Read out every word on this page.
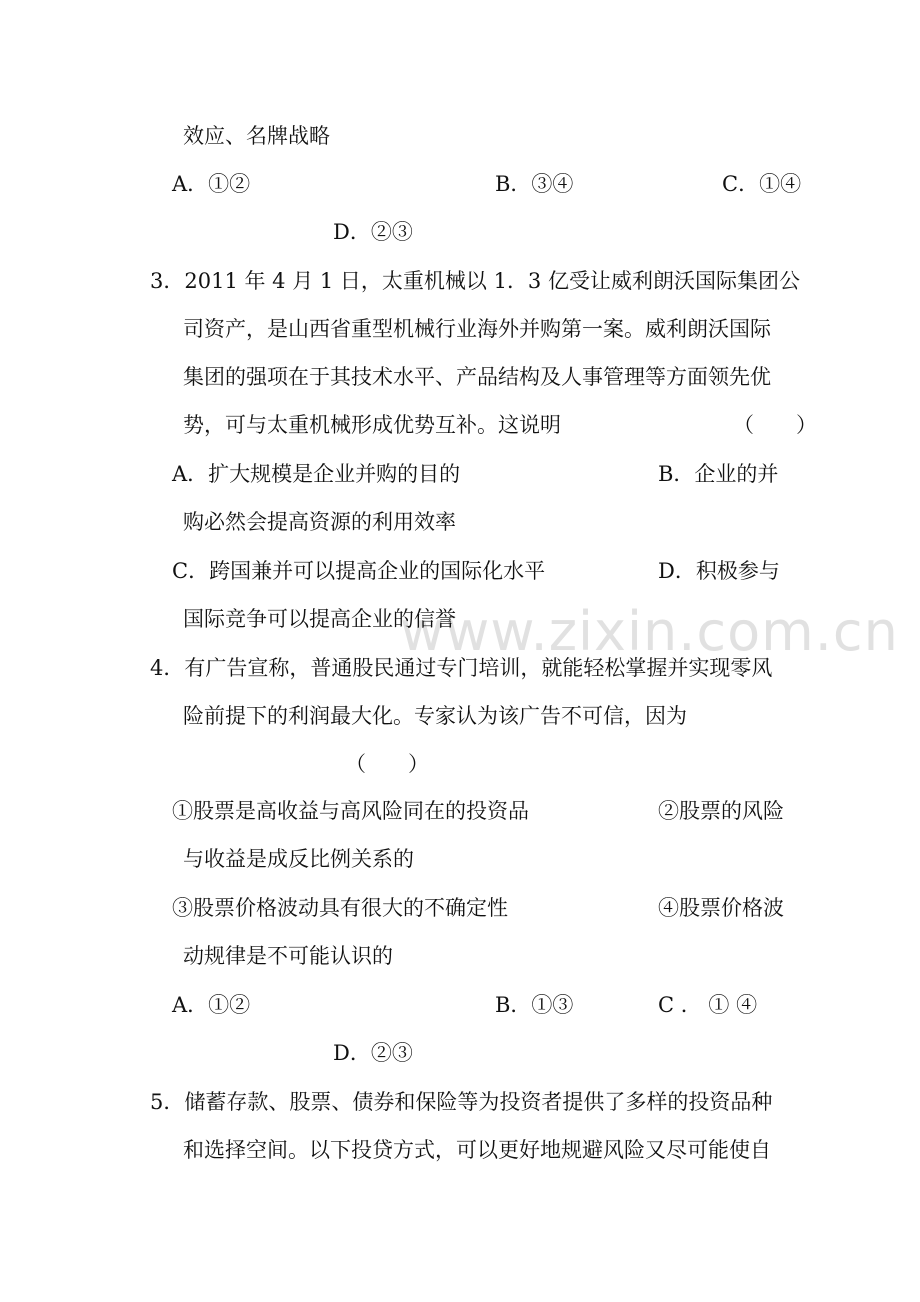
www.zixin.com.cn
效应、名牌战略
A．①②	B．③④	C．①④
D．②③
3．2011 年 4 月 1 日，太重机械以 1．3 亿受让威利朗沃国际集团公
司资产，是山西省重型机械行业海外并购第一案。威利朗沃国际
集团的强项在于其技术水平、产品结构及人事管理等方面领先优
势，可与太重机械形成优势互补。这说明	（　　）
A．扩大规模是企业并购的目的	B．企业的并
购必然会提高资源的利用效率
C．跨国兼并可以提高企业的国际化水平	D．积极参与
国际竞争可以提高企业的信誉
4．有广告宣称，普通股民通过专门培训，就能轻松掌握并实现零风
险前提下的利润最大化。专家认为该广告不可信，因为
（　　）
①股票是高收益与高风险同在的投资品	②股票的风险
与收益是成反比例关系的
③股票价格波动具有很大的不确定性	④股票价格波
动规律是不可能认识的
A．①②	B．①③	C ． ① ④
D．②③
5．储蓄存款、股票、债券和保险等为投资者提供了多样的投资品种
和选择空间。以下投贷方式，可以更好地规避风险又尽可能使自
